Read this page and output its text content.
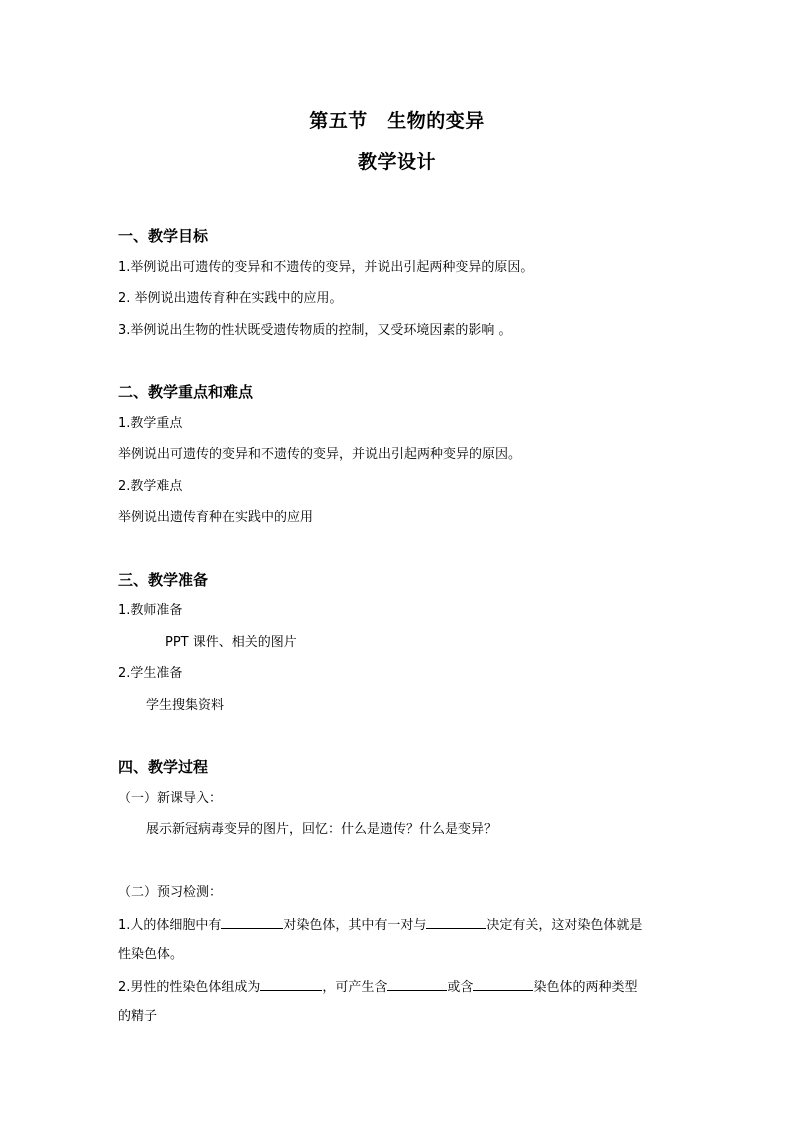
第五节　生物的变异
教学设计
一、教学目标
1.举例说出可遗传的变异和不遗传的变异，并说出引起两种变异的原因。
2. 举例说出遗传育种在实践中的应用。
3.举例说出生物的性状既受遗传物质的控制，又受环境因素的影响 。
二、教学重点和难点
1.教学重点
举例说出可遗传的变异和不遗传的变异，并说出引起两种变异的原因。
2.教学难点
举例说出遗传育种在实践中的应用
三、教学准备
1.教师准备
PPT 课件、相关的图片
2.学生准备
学生搜集资料
四、教学过程
（一）新课导入：
展示新冠病毒变异的图片，回忆：什么是遗传？什么是变异？
（二）预习检测：
1.人的体细胞中有	对染色体，其中有一对与	决定有关，这对染色体就是
性染色体。
2.男性的性染色体组成为	，可产生含	或含	染色体的两种类型
的精子
